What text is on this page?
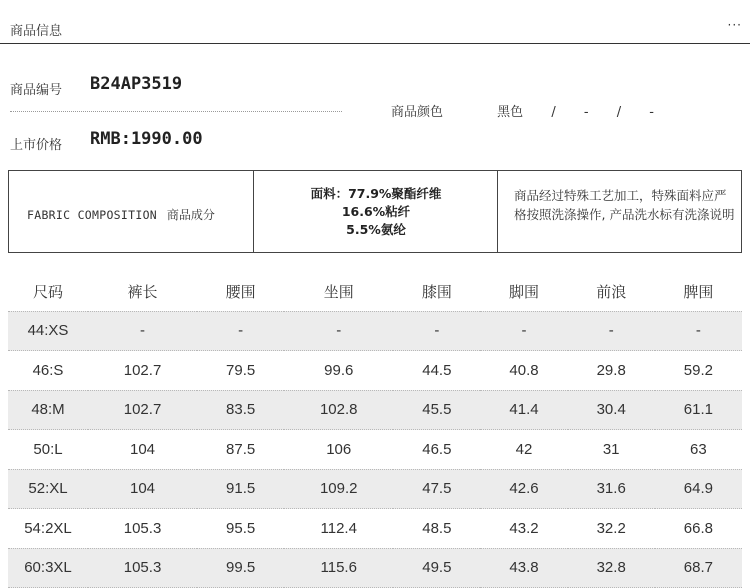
商品信息	···
商品编号 B24AP3519
商品颜色	黑色 / - / -
上市价格 RMB:1990.00
FABRIC COMPOSITION 商品成分
面料：77.9%聚酯纤维
16.6%粘纤
5.5%氨纶
商品经过特殊工艺加工，特殊面料应严格按照洗涤操作, 产品洗水标有洗涤说明
尺码	裤长	腰围	坐围	膝围	脚围	前浪	脾围
44:XS	-	-	-	-	-	-	-
46:S	102.7	79.5	99.6	44.5	40.8	29.8	59.2
48:M	102.7	83.5	102.8	45.5	41.4	30.4	61.1
50:L	104	87.5	106	46.5	42	31	63
52:XL	104	91.5	109.2	47.5	42.6	31.6	64.9
54:2XL	105.3	95.5	112.4	48.5	43.2	32.2	66.8
60:3XL	105.3	99.5	115.6	49.5	43.8	32.8	68.7
